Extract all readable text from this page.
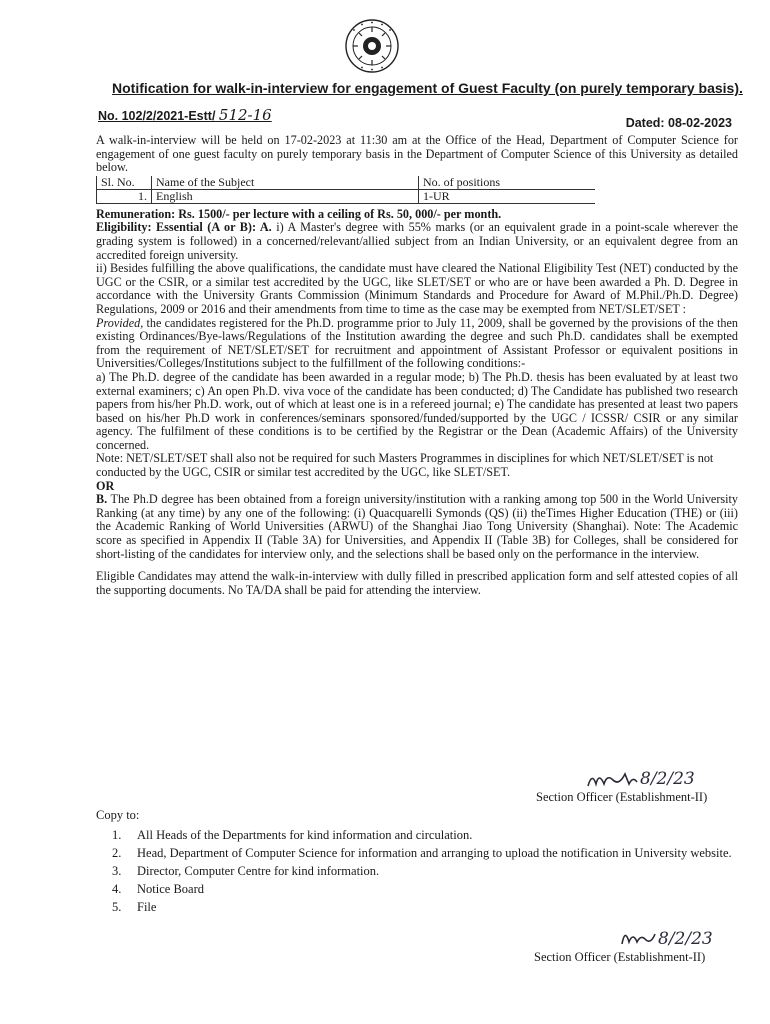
Notification for walk-in-interview for engagement of Guest Faculty (on purely temporary basis).
No. 102/2/2021-Estt/ 512-16	Dated: 08-02-2023

A walk-in-interview will be held on 17-02-2023 at 11:30 am at the Office of the Head, Department of Computer Science for engagement of one guest faculty on purely temporary basis in the Department of Computer Science of this University as detailed below.

Sl. No.	Name of the Subject	No. of positions
1.	English	1-UR

Remuneration: Rs. 1500/- per lecture with a ceiling of Rs. 50, 000/- per month.

Eligibility: Essential (A or B): A. i) A Master's degree with 55% marks (or an equivalent grade in a point-scale wherever the grading system is followed) in a concerned/relevant/allied subject from an Indian University, or an equivalent degree from an accredited foreign university.

ii) Besides fulfilling the above qualifications, the candidate must have cleared the National Eligibility Test (NET) conducted by the UGC or the CSIR, or a similar test accredited by the UGC, like SLET/SET or who are or have been awarded a Ph. D. Degree in accordance with the University Grants Commission (Minimum Standards and Procedure for Award of M.Phil./Ph.D. Degree) Regulations, 2009 or 2016 and their amendments from time to time as the case may be exempted from NET/SLET/SET :

Provided, the candidates registered for the Ph.D. programme prior to July 11, 2009, shall be governed by the provisions of the then existing Ordinances/Bye-laws/Regulations of the Institution awarding the degree and such Ph.D. candidates shall be exempted from the requirement of NET/SLET/SET for recruitment and appointment of Assistant Professor or equivalent positions in Universities/Colleges/Institutions subject to the fulfillment of the following conditions:-

a) The Ph.D. degree of the candidate has been awarded in a regular mode; b) The Ph.D. thesis has been evaluated by at least two external examiners; c) An open Ph.D. viva voce of the candidate has been conducted; d) The Candidate has published two research papers from his/her Ph.D. work, out of which at least one is in a refereed journal; e) The candidate has presented at least two papers based on his/her Ph.D work in conferences/seminars sponsored/funded/supported by the UGC / ICSSR/ CSIR or any similar agency. The fulfilment of these conditions is to be certified by the Registrar or the Dean (Academic Affairs) of the University concerned.

Note: NET/SLET/SET shall also not be required for such Masters Programmes in disciplines for which NET/SLET/SET is not conducted by the UGC, CSIR or similar test accredited by the UGC, like SLET/SET.

OR

B. The Ph.D degree has been obtained from a foreign university/institution with a ranking among top 500 in the World University Ranking (at any time) by any one of the following: (i) Quacquarelli Symonds (QS) (ii) theTimes Higher Education (THE) or (iii) the Academic Ranking of World Universities (ARWU) of the Shanghai Jiao Tong University (Shanghai). Note: The Academic score as specified in Appendix II (Table 3A) for Universities, and Appendix II (Table 3B) for Colleges, shall be considered for short-listing of the candidates for interview only, and the selections shall be based only on the performance in the interview.

Eligible Candidates may attend the walk-in-interview with dully filled in prescribed application form and self attested copies of all the supporting documents. No TA/DA shall be paid for attending the interview.

8/2/23
Section Officer (Establishment-II)
Copy to:
1.	All Heads of the Departments for kind information and circulation.
2.	Head, Department of Computer Science for information and arranging to upload the notification in University website.
3.	Director, Computer Centre for kind information.
4.	Notice Board
5.	File
8/2/23
Section Officer (Establishment-II)
